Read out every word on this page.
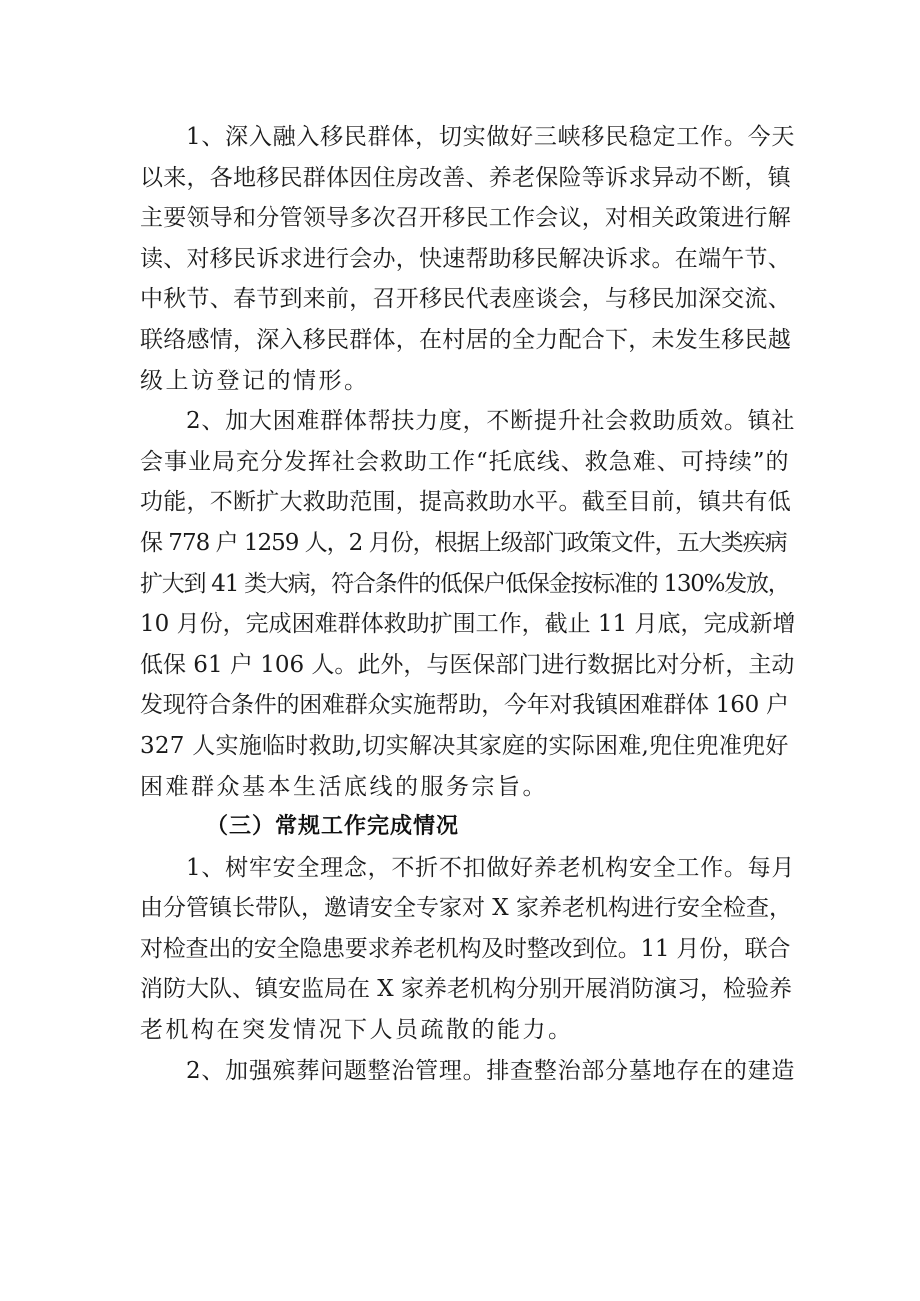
1、深入融入移民群体，切实做好三峡移民稳定工作。今天
以来，各地移民群体因住房改善、养老保险等诉求异动不断，镇
主要领导和分管领导多次召开移民工作会议，对相关政策进行解
读、对移民诉求进行会办，快速帮助移民解决诉求。在端午节、
中秋节、春节到来前，召开移民代表座谈会，与移民加深交流、
联络感情，深入移民群体，在村居的全力配合下，未发生移民越
级上访登记的情形。
2、加大困难群体帮扶力度，不断提升社会救助质效。镇社
会事业局充分发挥社会救助工作“托底线、救急难、可持续”的
功能，不断扩大救助范围，提高救助水平。截至目前，镇共有低
保 778 户 1259 人，2 月份，根据上级部门政策文件，五大类疾病
扩大到 41 类大病，符合条件的低保户低保金按标准的 130%发放，
10 月份，完成困难群体救助扩围工作，截止 11 月底，完成新增
低保 61 户 106 人。此外，与医保部门进行数据比对分析，主动
发现符合条件的困难群众实施帮助，今年对我镇困难群体 160 户
327 人实施临时救助,切实解决其家庭的实际困难,兜住兜准兜好
困难群众基本生活底线的服务宗旨。
（三）常规工作完成情况
1、树牢安全理念，不折不扣做好养老机构安全工作。每月
由分管镇长带队，邀请安全专家对 X 家养老机构进行安全检查，
对检查出的安全隐患要求养老机构及时整改到位。11 月份，联合
消防大队、镇安监局在 X 家养老机构分别开展消防演习，检验养
老机构在突发情况下人员疏散的能力。
2、加强殡葬问题整治管理。排查整治部分墓地存在的建造
